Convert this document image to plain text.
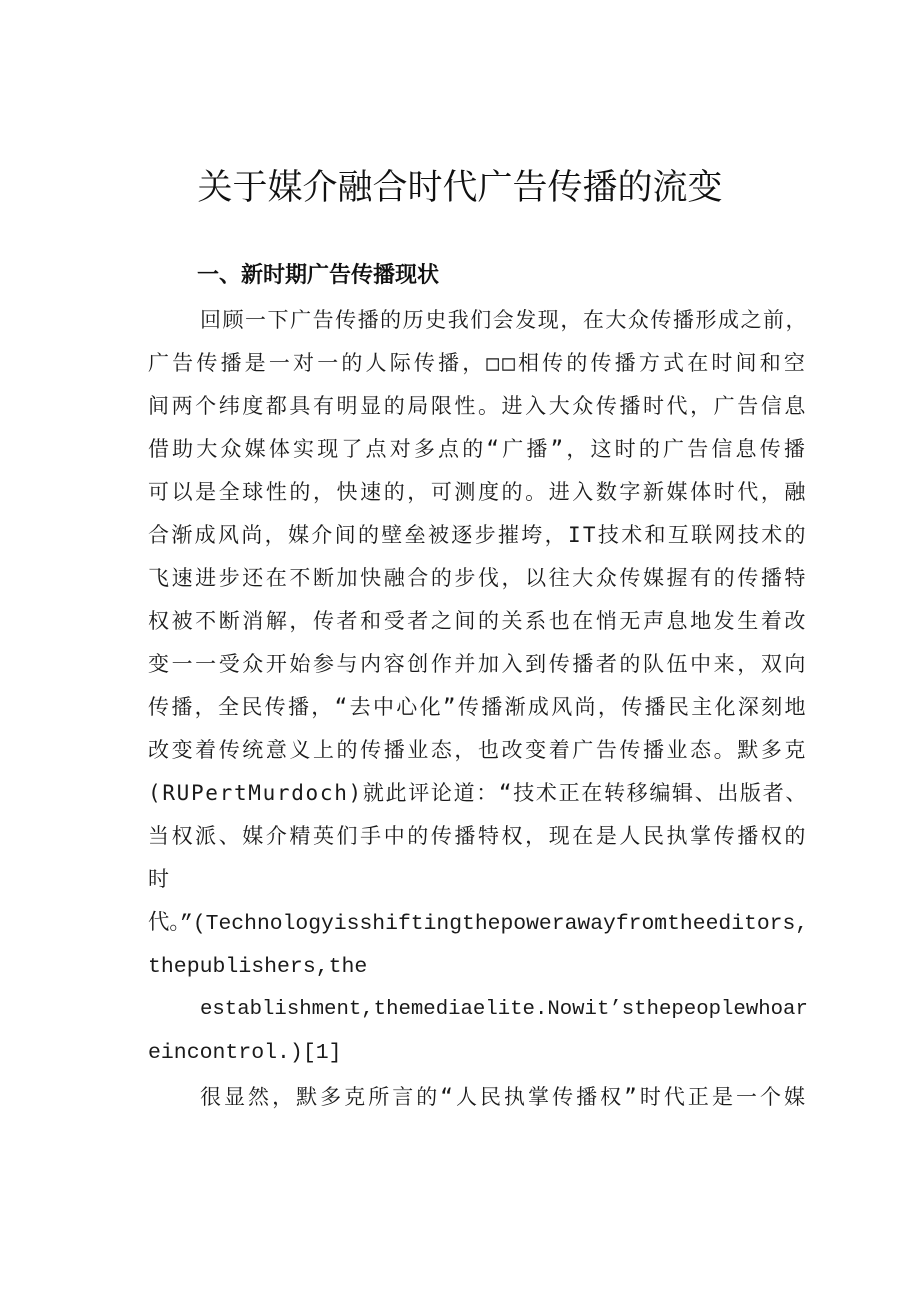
关于媒介融合时代广告传播的流变
一、新时期广告传播现状
回顾一下广告传播的历史我们会发现，在大众传播形成之前，
广告传播是一对一的人际传播，□□相传的传播方式在时间和空
间两个纬度都具有明显的局限性。进入大众传播时代，广告信息
借助大众媒体实现了点对多点的“广播”，这时的广告信息传播
可以是全球性的，快速的，可测度的。进入数字新媒体时代，融
合渐成风尚，媒介间的壁垒被逐步摧垮，IT技术和互联网技术的
飞速进步还在不断加快融合的步伐，以往大众传媒握有的传播特
权被不断消解，传者和受者之间的关系也在悄无声息地发生着改
变一一受众开始参与内容创作并加入到传播者的队伍中来，双向
传播，全民传播，“去中心化”传播渐成风尚，传播民主化深刻地
改变着传统意义上的传播业态，也改变着广告传播业态。默多克
(RUPertMurdoch)就此评论道：“技术正在转移编辑、出版者、
当权派、媒介精英们手中的传播特权，现在是人民执掌传播权的
时
代。”(Technologyisshiftingthepowerawayfromtheeditors,
thepublishers,the
establishment,themediaelite.Nowit’sthepeoplewhoar
eincontrol.)[1]
很显然，默多克所言的“人民执掌传播权”时代正是一个媒
